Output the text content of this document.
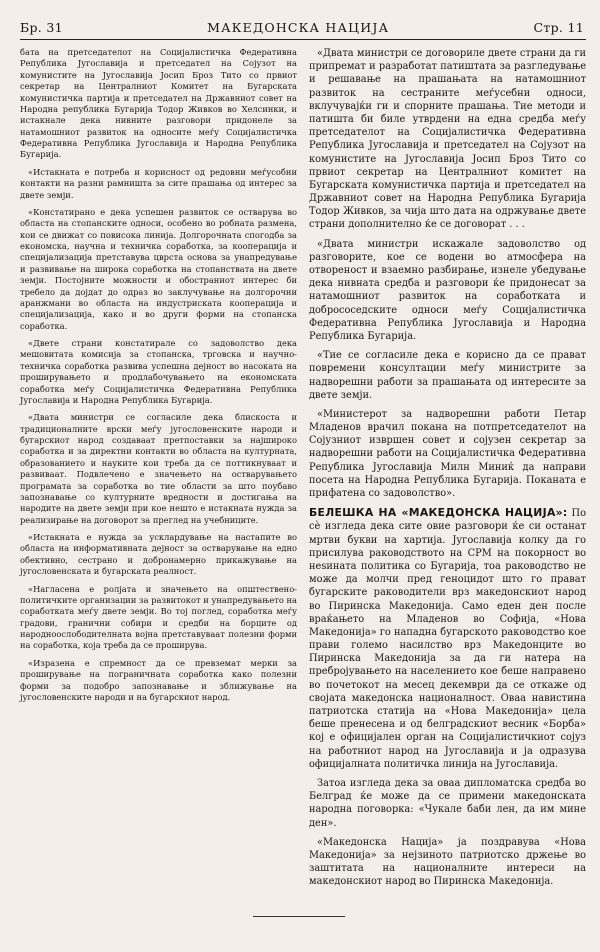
Бр. 31	МАКЕДОНСКА НАЦИЈА	Стр. 11

бата на претседателот на Социјалистичка Федеративна Република Југославија и претседател на Сојузот на комунистите на Југославија Јосип Броз Тито со првиот секретар на Централниот Комитет на Бугарската комунистичка партија и претседател на Државниот совет на Народна република Бугарија Тодор Живков во Хелсинки, и истакнале дека нивните разговори придонеле за натамошниот развиток на односите меѓу Социјалистичка Федеративна Република Југославија и Народна Република Бугарија.

«Истакната е потреба и корисност од редовни меѓусобни контакти на разни рамништа за сите прашања од интерес за двете земји.

«Констатирано е дека успешен развиток се остварува во областа на стопанските односи, особено во робната размена, кои се движат со повисока линија. Долгорочната спогодба за економска, научна и техничка соработка, за кооперација и специјализација претставува цврста основа за унапредување и развивање на широка соработка на стопанствата на двете земји. Постојните можности и обостраниот интерес би требело да дојдат до одраз во заклучување на долгорочни аранжмани во областа на индустриската кооперација и специјализација, како и во други форми на стопанска соработка.

«Двете страни констатирале со задоволство дека мешовитата комисија за стопанска, трговска и научно-техничка соработка развива успешна дејност во насоката на проширувањето и продлабочувањето на економската соработка меѓу Социјалистичка Федеративна Република Југославија и Народна Република Бугарија.

«Двата министри се согласиле дека блискоста и традиционалните врски меѓу југословенските народи и бугарскиот народ создаваат претпоставки за најшироко соработка и за директни контакти во областа на културната, образованието и науките кои треба да се поттикнуваат и развиваат. Подвлечено е значењето на остварувањето програмата за соработка во тие области за што поубаво запознавање со културните вредности и достигања на народите на двете земји при кое нешто е истакната нужда за реализирање на договорот за преглед на учебниците.

«Истакната е нужда за усклардување на настапите во областа на информативната дејност за остварување на едно обективно, сестрано и добронамерно прикажување на југословенската и бугарската реалност.

«Нагласена е ролјата и значењето на општествено-политичките организации за развитокот и унапредувањето на соработката меѓу двете земји. Во тој поглед, соработка меѓу градови, гранични собири и средби на борците од народноослободителната војна претставуваат полезни форми на соработка, која треба да се проширува.

«Изразена е спремност да се превземат мерки за проширување на пограничната соработка како полезни форми за подобро запознавање и зближување на југословенските народи и на бугарскиот народ.

«Двата министри се договориле двете страни да ги припремат и разработат патиштата за разгледување и решавање на прашањата на натамошниот развиток на сестраните меѓусебни односи, вклучувајќи ги и спорните прашања. Тие методи и патишта би биле утврдени на една средба меѓу претседателот на Социјалистичка Федеративна Република Југославија и претседател на Сојузот на комунистите на Југославија Јосип Броз Тито со првиот секретар на Централниот комитет на Бугарската комунистичка партија и претседател на Државниот совет на Народна Република Бугарија Тодор Живков, за чија што дата на одржување двете страни дополнително ќе се договорат . . .

«Двата министри искажале задоволство од разговорите, кое се водени во атмосфера на отвореност и взаемно разбирање, изнеле убедување дека нивната средба и разговори ќе придонесат за натамошниот развиток на соработката и добрососедските односи меѓу Социјалистичка Федеративна Република Југославија и Народна Република Бугарија.

«Тие се согласиле дека е корисно да се прават повремени консултации меѓу министрите за надворешни работи за прашањата од интересите за двете земји.

«Министерот за надворешни работи Петар Младенов врачил покана на потпретседателот на Сојузниот извршен совет и сојузен секретар за надворешни работи на Социјалистичка Федеративна Република Југославија Милн Миниќ да направи посета на Народна Република Бугарија. Поканата е прифатена со задоволство».

БЕЛЕШКА НА «МАКЕДОНСКА НАЦИЈА»: По сè изгледа дека сите овие разговори ќе си останат мртви букви на хартија. Југославија колку да го присилува раководството на СРМ на покорност во неѕината политика со Бугарија, тоа раководство не може да молчи пред геноцидот што го прават бугарските раководители врз македонскиот народ во Пиринска Македонија. Само еден ден после враќањето на Младенов во Софија, «Нова Македонија» го нападна бугарското раководство кое прави големо насилство врз Македонците во Пиринска Македонија за да ги натера на пребројувањето на населението кое беше направено во почетокот на месец декември да се откаже од својата македонска националност. Оваа навистина патриотска статија на «Нова Македонија» цела беше пренесена и од белградскиот весник «Борба» кој е официјален орган на Социјалистичкиот сојуз на работниот народ на Југославија и ја одразува официјалната политичка линија на Југославија.

Затоа изгледа дека за оваа дипломатска средба во Белград ќе може да се примени македонската народна поговорка: «Чукале баби лен, да им мине ден».

«Македонска Нација» ја поздравува «Нова Македонија» за нејзиното патриотско држење во заштитата на националните интереси на македонскиот народ во Пиринска Македонија.
